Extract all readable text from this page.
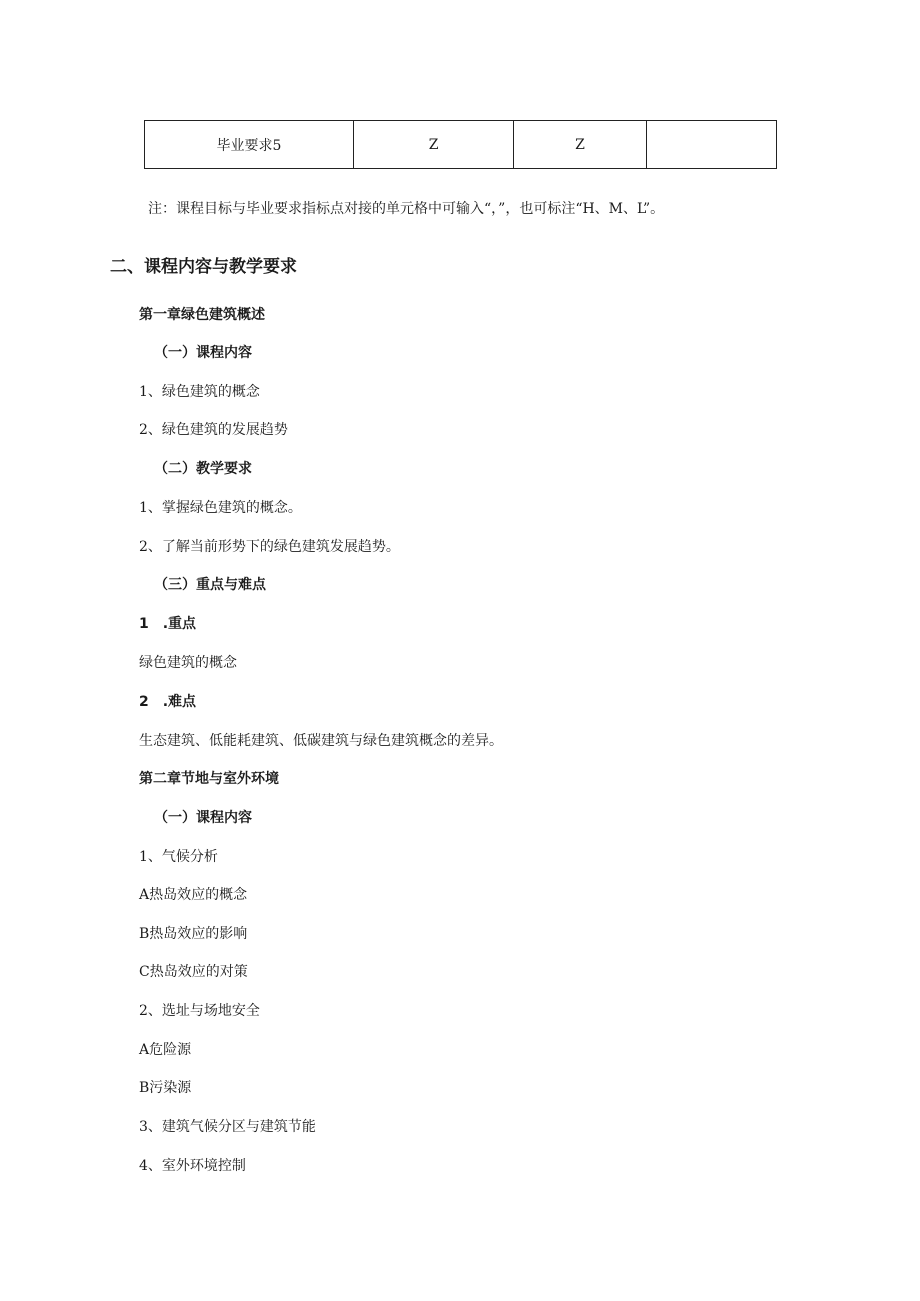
毕业要求5	Z	Z	
注：课程目标与毕业要求指标点对接的单元格中可输入“，”，也可标注“H、M、L”。
二、课程内容与教学要求
第一章绿色建筑概述
（一）课程内容
1、绿色建筑的概念
2、绿色建筑的发展趋势
（二）教学要求
1、掌握绿色建筑的概念。
2、了解当前形势下的绿色建筑发展趋势。
（三）重点与难点
1　.重点
绿色建筑的概念
2　.难点
生态建筑、低能耗建筑、低碳建筑与绿色建筑概念的差异。
第二章节地与室外环境
（一）课程内容
1、气候分析
A热岛效应的概念
B热岛效应的影响
C热岛效应的对策
2、选址与场地安全
A危险源
B污染源
3、建筑气候分区与建筑节能
4、室外环境控制
